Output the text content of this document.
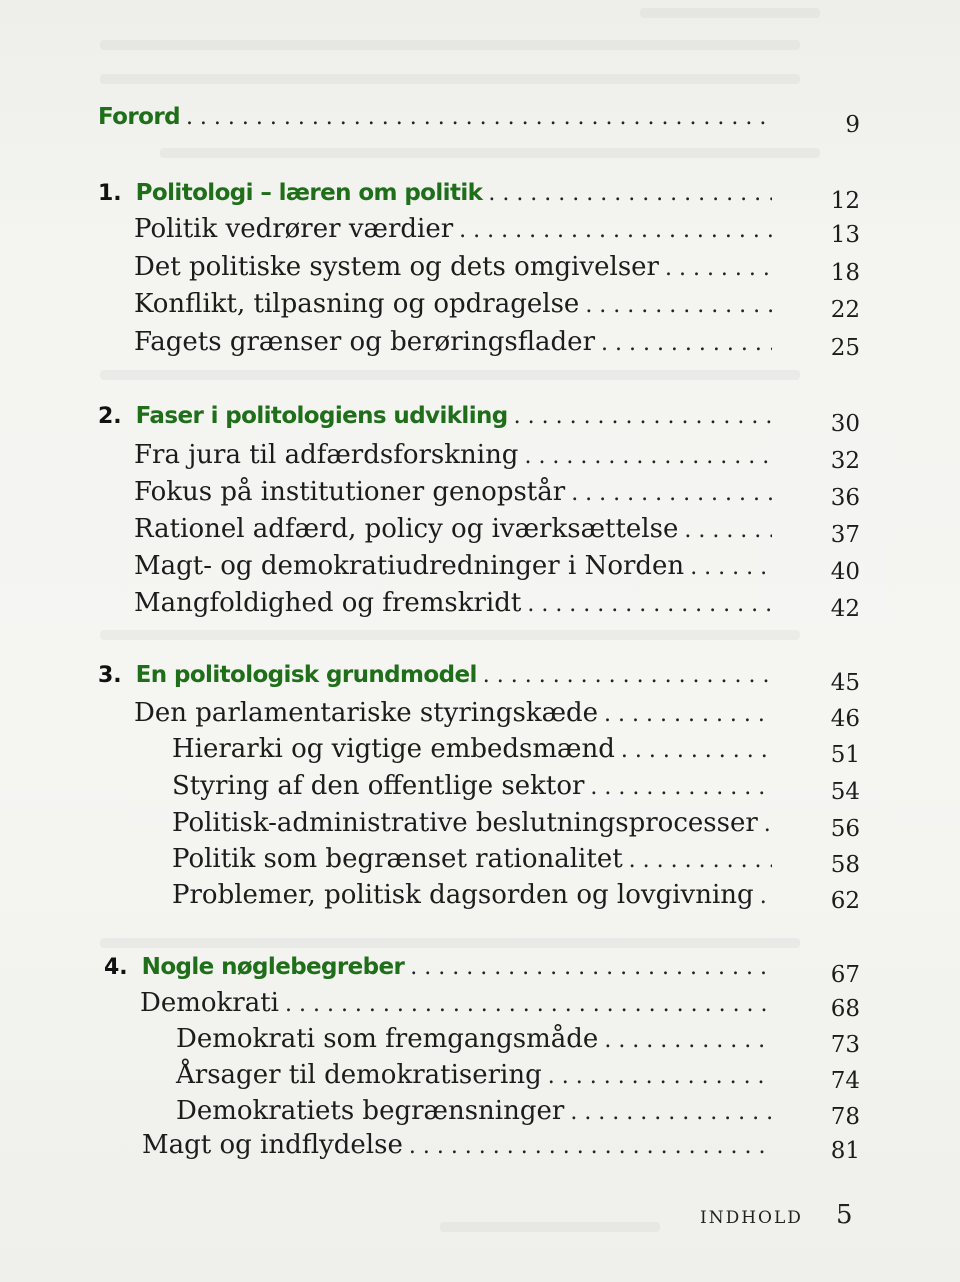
Forord . . .	9
1. Politologi – læren om politik . . .	12
Politik vedrører værdier . . .	13
Det politiske system og dets omgivelser . . .	18
Konflikt, tilpasning og opdragelse . . .	22
Fagets grænser og berøringsflader . . .	25
2. Faser i politologiens udvikling . . .	30
Fra jura til adfærdsforskning . . .	32
Fokus på institutioner genopstår . . .	36
Rationel adfærd, policy og iværksættelse . . .	37
Magt- og demokratiudredninger i Norden . . .	40
Mangfoldighed og fremskridt . . .	42
3. En politologisk grundmodel . . .	45
Den parlamentariske styringskæde . . .	46
Hierarki og vigtige embedsmænd . . .	51
Styring af den offentlige sektor . . .	54
Politisk-administrative beslutningsprocesser . . .	56
Politik som begrænset rationalitet . . .	58
Problemer, politisk dagsorden og lovgivning . . .	62
4. Nogle nøglebegreber . . .	67
Demokrati . . .	68
Demokrati som fremgangsmåde . . .	73
Årsager til demokratisering . . .	74
Demokratiets begrænsninger . . .	78
Magt og indflydelse . . .	81
INDHOLD 5
